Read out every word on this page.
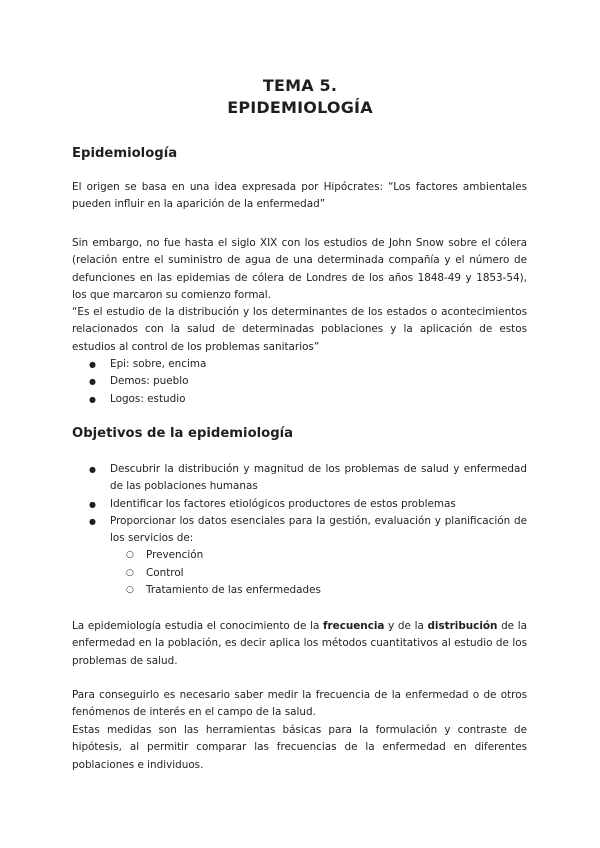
TEMA 5.
EPIDEMIOLOGÍA
Epidemiología

El origen se basa en una idea expresada por Hipócrates: “Los factores ambientales pueden influir en la aparición de la enfermedad”

Sin embargo, no fue hasta el siglo XIX con los estudios de John Snow sobre el cólera (relación entre el suministro de agua de una determinada compañía y el número de defunciones en las epidemias de cólera de Londres de los años 1848-49 y 1853-54), los que marcaron su comienzo formal.

“Es el estudio de la distribución y los determinantes de los estados o acontecimientos relacionados con la salud de determinadas poblaciones y la aplicación de estos estudios al control de los problemas sanitarios”

● Epi: sobre, encima
● Demos: pueblo
● Logos: estudio
Objetivos de la epidemiología
● Descubrir la distribución y magnitud de los problemas de salud y enfermedad de las poblaciones humanas
● Identificar los factores etiológicos productores de estos problemas
● Proporcionar los datos esenciales para la gestión, evaluación y planificación de los servicios de:
○ Prevención
○ Control
○ Tratamiento de las enfermedades

La epidemiología estudia el conocimiento de la frecuencia y de la distribución de la enfermedad en la población, es decir aplica los métodos cuantitativos al estudio de los problemas de salud.

Para conseguirlo es necesario saber medir la frecuencia de la enfermedad o de otros fenómenos de interés en el campo de la salud.

Estas medidas son las herramientas básicas para la formulación y contraste de hipótesis, al permitir comparar las frecuencias de la enfermedad en diferentes poblaciones e individuos.
